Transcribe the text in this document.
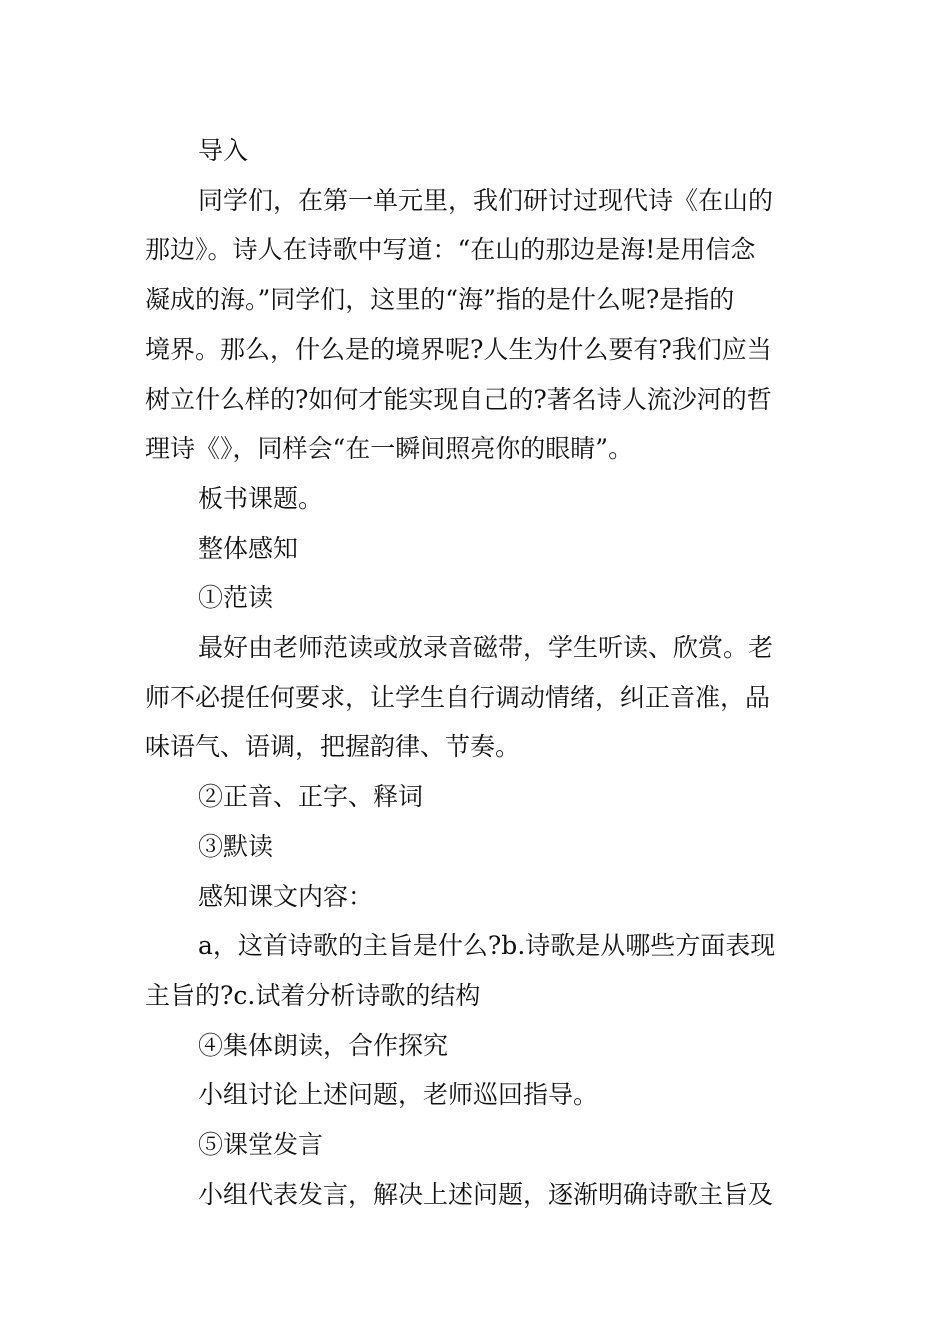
导入
同学们，在第一单元里，我们研讨过现代诗《在山的
那边》。诗人在诗歌中写道：“在山的那边是海!是用信念
凝成的海。”同学们，这里的“海”指的是什么呢?是指的
境界。那么，什么是的境界呢?人生为什么要有?我们应当
树立什么样的?如何才能实现自己的?著名诗人流沙河的哲
理诗《》，同样会“在一瞬间照亮你的眼睛”。
板书课题。
整体感知
①范读
最好由老师范读或放录音磁带，学生听读、欣赏。老
师不必提任何要求，让学生自行调动情绪，纠正音准，品
味语气、语调，把握韵律、节奏。
②正音、正字、释词
③默读
感知课文内容：
a，这首诗歌的主旨是什么?b.诗歌是从哪些方面表现
主旨的?c.试着分析诗歌的结构
④集体朗读，合作探究
小组讨论上述问题，老师巡回指导。
⑤课堂发言
小组代表发言，解决上述问题，逐渐明确诗歌主旨及
